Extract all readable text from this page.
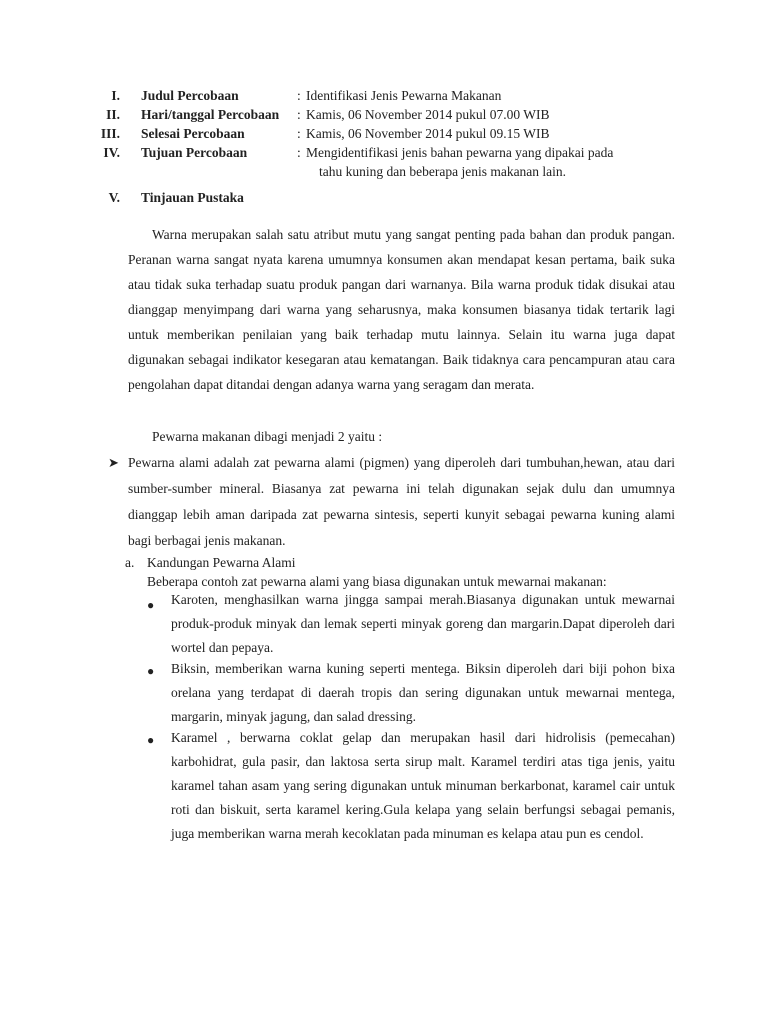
I. Judul Percobaan	: Identifikasi Jenis Pewarna Makanan
II. Hari/tanggal Percobaan : Kamis, 06 November 2014 pukul 07.00 WIB
III. Selesai Percobaan	: Kamis, 06 November 2014 pukul 09.15 WIB
IV. Tujuan Percobaan	: Mengidentifikasi jenis bahan pewarna yang dipakai pada
tahu kuning dan beberapa jenis makanan lain.
V. Tinjauan Pustaka

Warna merupakan salah satu atribut mutu yang sangat penting pada bahan dan produk pangan. Peranan warna sangat nyata karena umumnya konsumen akan mendapat kesan pertama, baik suka atau tidak suka terhadap suatu produk pangan dari warnanya. Bila warna produk tidak disukai atau dianggap menyimpang dari warna yang seharusnya, maka konsumen biasanya tidak tertarik lagi untuk memberikan penilaian yang baik terhadap mutu lainnya. Selain itu warna juga dapat digunakan sebagai indikator kesegaran atau kematangan. Baik tidaknya cara pencampuran atau cara pengolahan dapat ditandai dengan adanya warna yang seragam dan merata.

Pewarna makanan dibagi menjadi 2 yaitu :
➤ Pewarna alami adalah zat pewarna alami (pigmen) yang diperoleh dari tumbuhan,hewan, atau dari sumber-sumber mineral. Biasanya zat pewarna ini telah digunakan sejak dulu dan umumnya dianggap lebih aman daripada zat pewarna sintesis, seperti kunyit sebagai pewarna kuning alami bagi berbagai jenis makanan.

a. Kandungan Pewarna Alami
Beberapa contoh zat pewarna alami yang biasa digunakan untuk mewarnai makanan:
● Karoten, menghasilkan warna jingga sampai merah.Biasanya digunakan untuk mewarnai produk-produk minyak dan lemak seperti minyak goreng dan margarin.Dapat diperoleh dari wortel dan pepaya.

● Biksin, memberikan warna kuning seperti mentega. Biksin diperoleh dari biji pohon bixa orelana yang terdapat di daerah tropis dan sering digunakan untuk mewarnai mentega, margarin, minyak jagung, dan salad dressing.

● Karamel , berwarna coklat gelap dan merupakan hasil dari hidrolisis (pemecahan) karbohidrat, gula pasir, dan laktosa serta sirup malt. Karamel terdiri atas tiga jenis, yaitu karamel tahan asam yang sering digunakan untuk minuman berkarbonat, karamel cair untuk roti dan biskuit, serta karamel kering.Gula kelapa yang selain berfungsi sebagai pemanis, juga memberikan warna merah kecoklatan pada minuman es kelapa atau pun es cendol.
